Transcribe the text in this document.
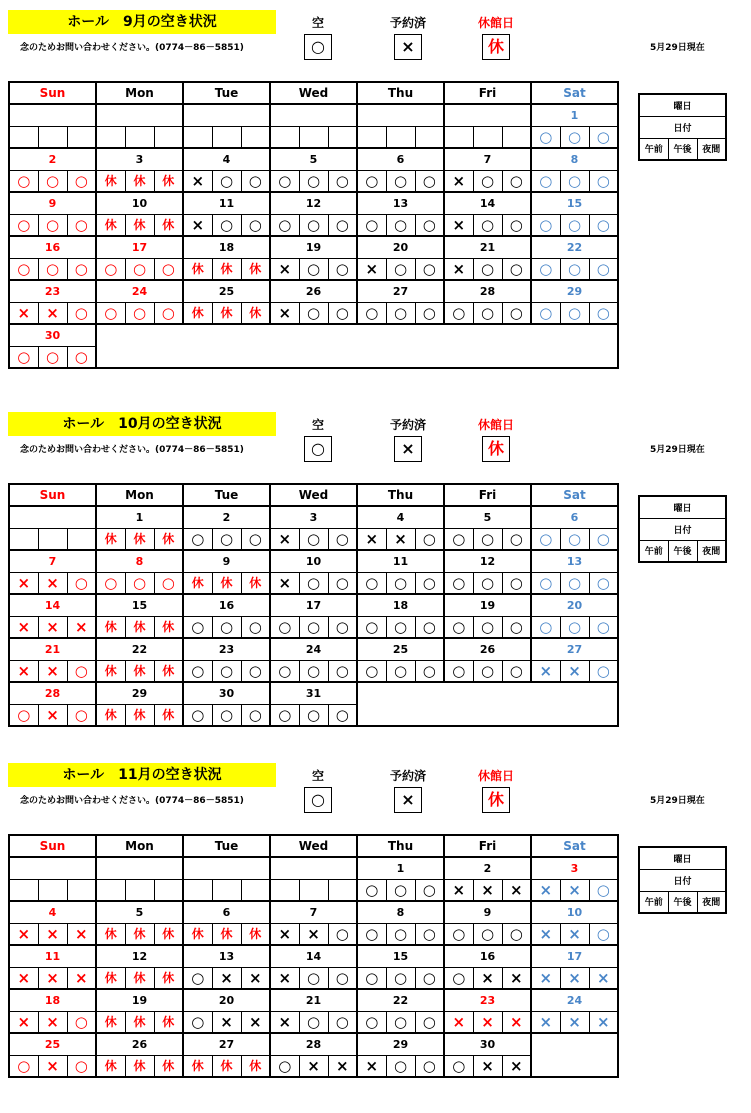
ホール　9月の空き状況
念のためお問い合わせください。(0774－86－5851)
空
○
予約済
×
休館日
休	5月29日現在
Sun			Mon			Tue			Wed			Thu			Fri			Sat		
																		1		
																		○	○	○
2			3			4			5			6			7			8		
○	○	○	休	休	休	×	○	○	○	○	○	○	○	○	×	○	○	○	○	○
9			10			11			12			13			14			15		
○	○	○	休	休	休	×	○	○	○	○	○	○	○	○	×	○	○	○	○	○
16			17			18			19			20			21			22		
○	○	○	○	○	○	休	休	休	×	○	○	×	○	○	×	○	○	○	○	○
23			24			25			26			27			28			29		
×	×	○	○	○	○	休	休	休	×	○	○	○	○	○	○	○	○	○	○	○
30																				
○	○	○																		
曜日
日付
午前	午後	夜間
ホール　10月の空き状況
念のためお問い合わせください。(0774－86－5851)
空
○
予約済
×
休館日
休	5月29日現在
Sun			Mon			Tue			Wed			Thu			Fri			Sat		
			1			2			3			4			5			6		
			休	休	休	○	○	○	×	○	○	×	×	○	○	○	○	○	○	○
7			8			9			10			11			12			13		
×	×	○	○	○	○	休	休	休	×	○	○	○	○	○	○	○	○	○	○	○
14			15			16			17			18			19			20		
×	×	×	休	休	休	○	○	○	○	○	○	○	○	○	○	○	○	○	○	○
21			22			23			24			25			26			27		
×	×	○	休	休	休	○	○	○	○	○	○	○	○	○	○	○	○	×	×	○
28			29			30			31											
○	×	○	休	休	休	○	○	○	○	○	○									
曜日
日付
午前	午後	夜間
ホール　11月の空き状況
念のためお問い合わせください。(0774－86－5851)
空
○
予約済
×
休館日
休	5月29日現在
Sun			Mon			Tue			Wed			Thu			Fri			Sat		
												1			2			3		
												○	○	○	×	×	×	×	×	○
4			5			6			7			8			9			10		
×	×	×	休	休	休	休	休	休	×	×	○	○	○	○	○	○	○	×	×	○
11			12			13			14			15			16			17		
×	×	×	休	休	休	○	×	×	×	○	○	○	○	○	○	×	×	×	×	×
18			19			20			21			22			23			24		
×	×	○	休	休	休	○	×	×	×	○	○	○	○	○	×	×	×	×	×	×
25			26			27			28			29			30					
○	×	○	休	休	休	休	休	休	○	×	×	×	○	○	○	×	×			
曜日
日付
午前	午後	夜間
